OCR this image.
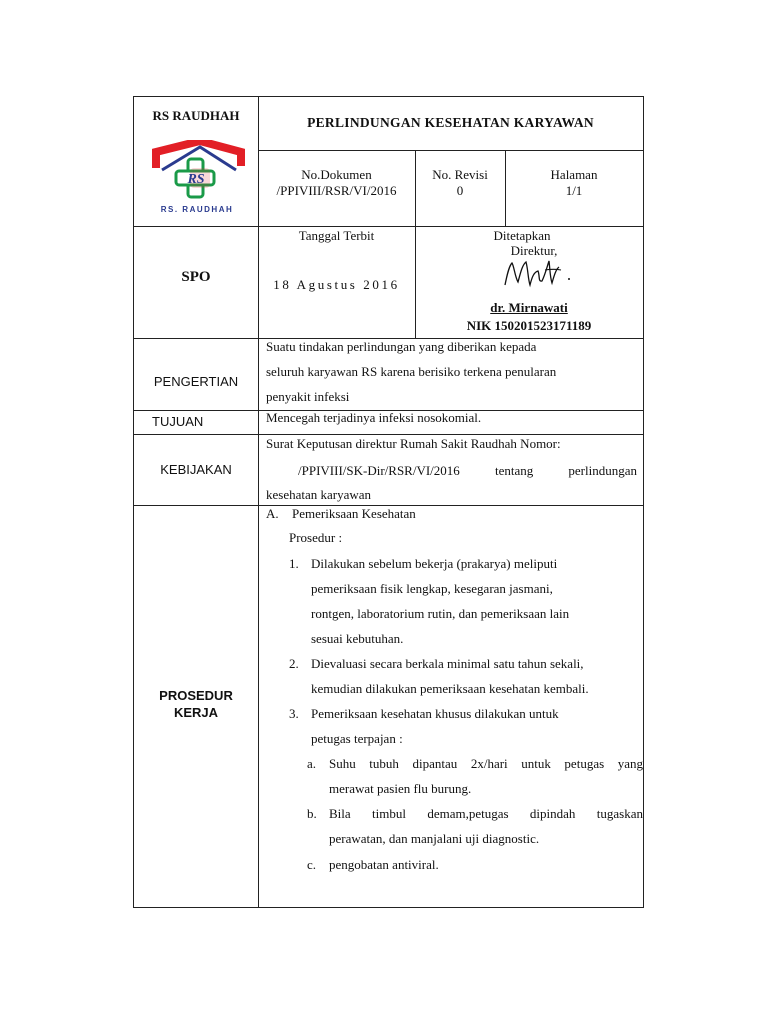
RS RAUDHAH
RS
RS. RAUDHAH
PERLINDUNGAN KESEHATAN KARYAWAN
No.Dokumen
/PPIVIII/RSR/VI/2016
No. Revisi
0
Halaman
1/1
SPO
Tanggal Terbit
18 Agustus 2016
Ditetapkan
Direktur,
dr. Mirnawati
NIK 150201523171189
PENGERTIAN
Suatu tindakan perlindungan yang diberikan kepada
seluruh karyawan RS karena berisiko terkena penularan
penyakit infeksi
TUJUAN	Mencegah terjadinya infeksi nosokomial.
KEBIJAKAN
Surat Keputusan direktur Rumah Sakit Raudhah Nomor:
/PPIVIII/SK-Dir/RSR/VI/2016 tentang perlindungan
kesehatan karyawan
PROSEDUR
KERJA
A. Pemeriksaan Kesehatan
Prosedur :
1. Dilakukan sebelum bekerja (prakarya) meliputi
pemeriksaan fisik lengkap, kesegaran jasmani,
rontgen, laboratorium rutin, dan pemeriksaan lain
sesuai kebutuhan.
2. Dievaluasi secara berkala minimal satu tahun sekali,
kemudian dilakukan pemeriksaan kesehatan kembali.
3. Pemeriksaan kesehatan khusus dilakukan untuk
petugas terpajan :
a. Suhu tubuh dipantau 2x/hari untuk petugas yang
merawat pasien flu burung.
b. Bila timbul demam,petugas dipindah tugaskan
perawatan, dan manjalani uji diagnostic.
c. pengobatan antiviral.
